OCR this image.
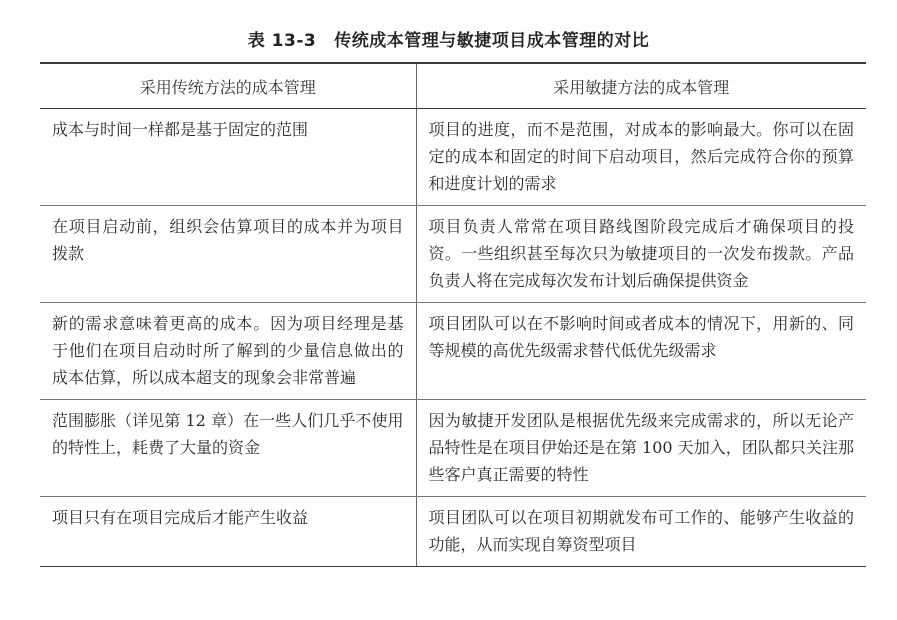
表 13-3 传统成本管理与敏捷项目成本管理的对比
采用传统方法的成本管理	采用敏捷方法的成本管理
成本与时间一样都是基于固定的范围	项目的进度，而不是范围，对成本的影响最大。你可以在固定的成本和固定的时间下启动项目，然后完成符合你的预算和进度计划的需求
在项目启动前，组织会估算项目的成本并为项目拨款	项目负责人常常在项目路线图阶段完成后才确保项目的投资。一些组织甚至每次只为敏捷项目的一次发布拨款。产品负责人将在完成每次发布计划后确保提供资金
新的需求意味着更高的成本。因为项目经理是基于他们在项目启动时所了解到的少量信息做出的成本估算，所以成本超支的现象会非常普遍	项目团队可以在不影响时间或者成本的情况下，用新的、同等规模的高优先级需求替代低优先级需求
范围膨胀（详见第 12 章）在一些人们几乎不使用的特性上，耗费了大量的资金	因为敏捷开发团队是根据优先级来完成需求的，所以无论产品特性是在项目伊始还是在第 100 天加入，团队都只关注那些客户真正需要的特性
项目只有在项目完成后才能产生收益	项目团队可以在项目初期就发布可工作的、能够产生收益的功能，从而实现自筹资型项目
